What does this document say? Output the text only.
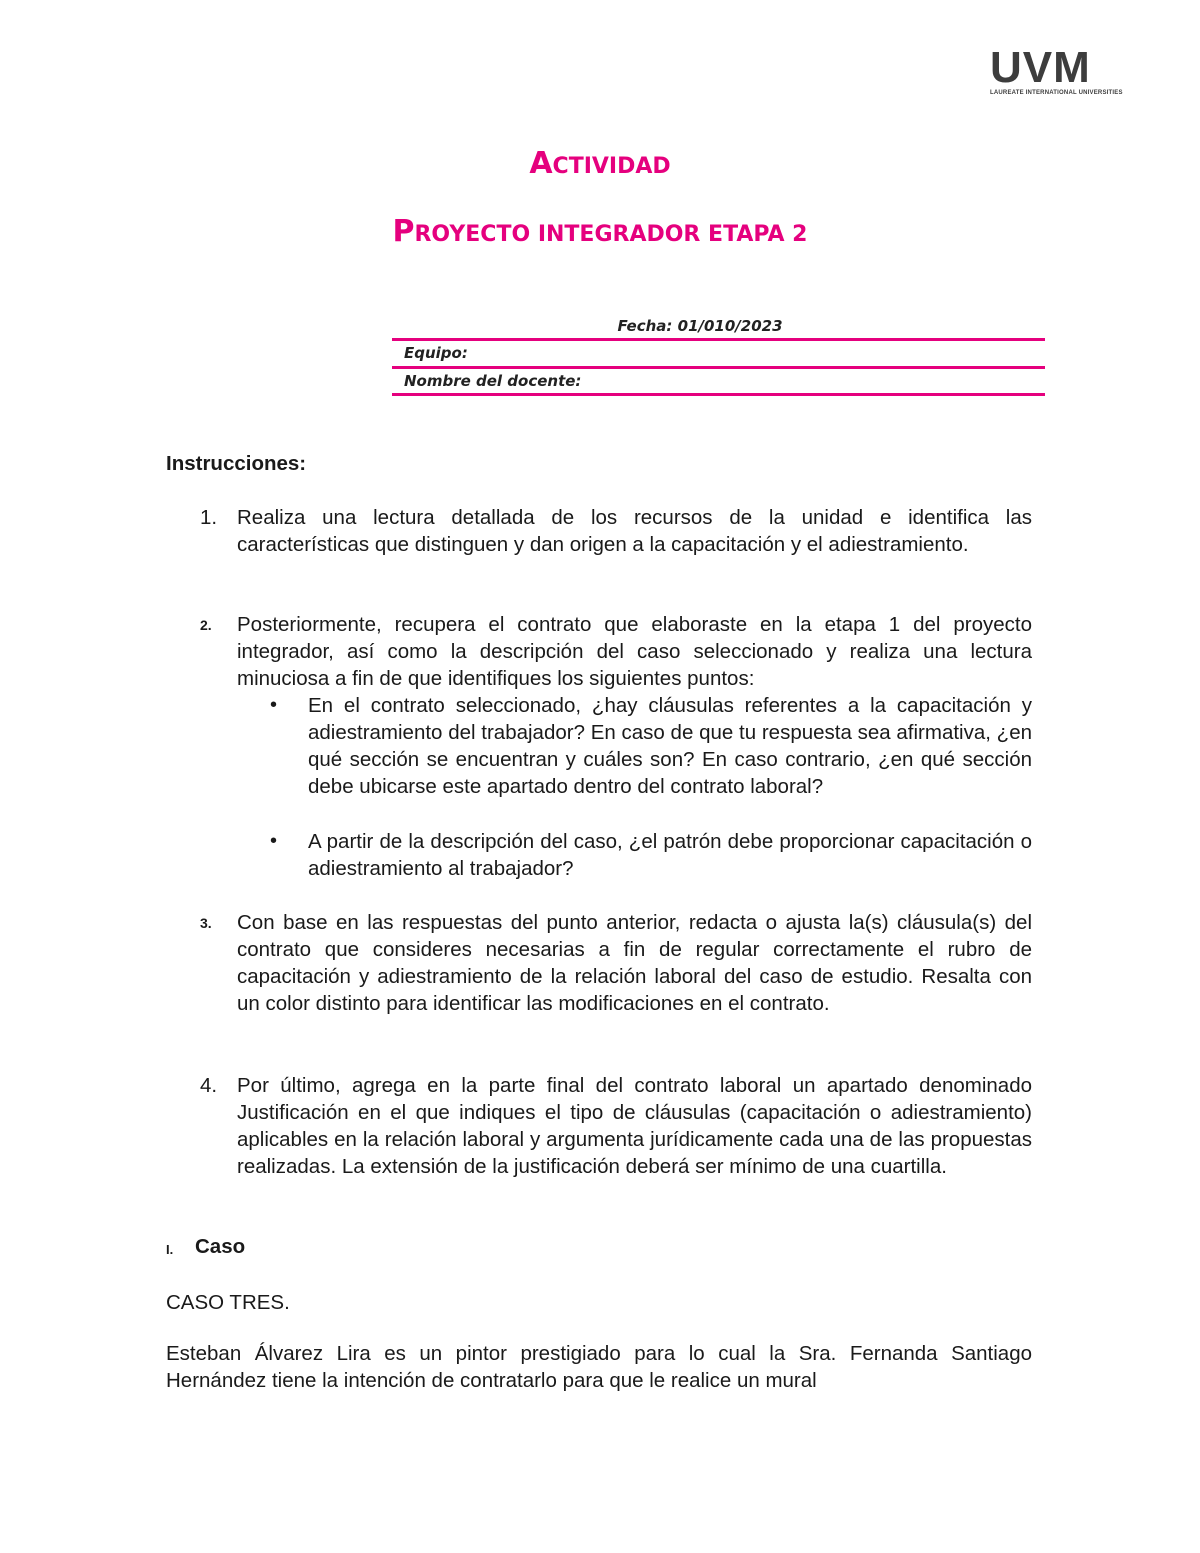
UVM
LAUREATE INTERNATIONAL UNIVERSITIES
ACTIVIDAD
PROYECTO INTEGRADOR ETAPA 2
Fecha: 01/010/2023
Equipo:
Nombre del docente:
Instrucciones:
1. Realiza una lectura detallada de los recursos de la unidad e identifica las características que distinguen y dan origen a la capacitación y el adiestramiento.
2. Posteriormente, recupera el contrato que elaboraste en la etapa 1 del proyecto integrador, así como la descripción del caso seleccionado y realiza una lectura minuciosa a fin de que identifiques los siguientes puntos:
• En el contrato seleccionado, ¿hay cláusulas referentes a la capacitación y adiestramiento del trabajador? En caso de que tu respuesta sea afirmativa, ¿en qué sección se encuentran y cuáles son? En caso contrario, ¿en qué sección debe ubicarse este apartado dentro del contrato laboral?
• A partir de la descripción del caso, ¿el patrón debe proporcionar capacitación o adiestramiento al trabajador?
3. Con base en las respuestas del punto anterior, redacta o ajusta la(s) cláusula(s) del contrato que consideres necesarias a fin de regular correctamente el rubro de capacitación y adiestramiento de la relación laboral del caso de estudio. Resalta con un color distinto para identificar las modificaciones en el contrato.
4. Por último, agrega en la parte final del contrato laboral un apartado denominado Justificación en el que indiques el tipo de cláusulas (capacitación o adiestramiento) aplicables en la relación laboral y argumenta jurídicamente cada una de las propuestas realizadas. La extensión de la justificación deberá ser mínimo de una cuartilla.
I. Caso
CASO TRES.
Esteban Álvarez Lira es un pintor prestigiado para lo cual la Sra. Fernanda Santiago Hernández tiene la intención de contratarlo para que le realice un mural
